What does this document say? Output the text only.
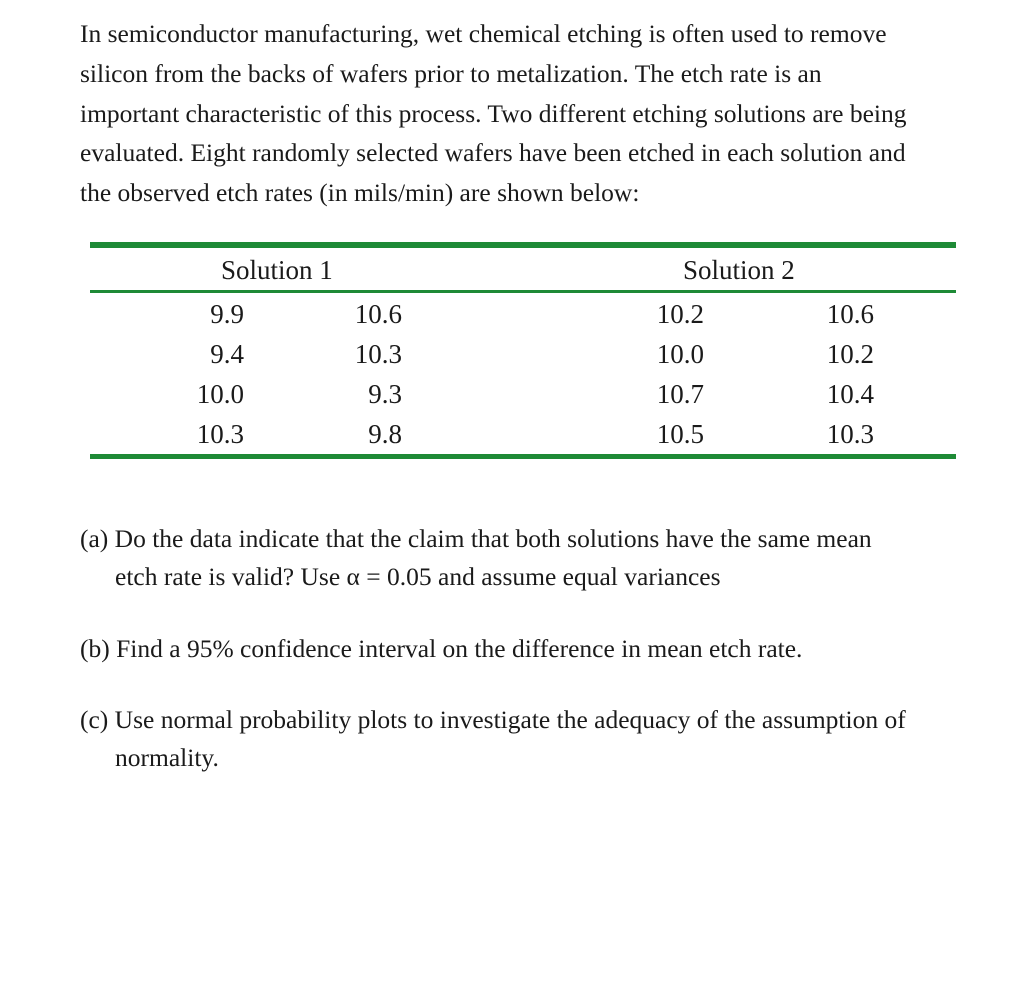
In semiconductor manufacturing, wet chemical etching is often used to remove
silicon from the backs of wafers prior to metalization. The etch rate is an
important characteristic of this process. Two different etching solutions are being
evaluated. Eight randomly selected wafers have been etched in each solution and
the observed etch rates (in mils/min) are shown below:
Solution 1	Solution 2
9.9	10.6	10.2	10.6
9.4	10.3	10.0	10.2
10.0	9.3	10.7	10.4
10.3	9.8	10.5	10.3
(a) Do the data indicate that the claim that both solutions have the same mean
etch rate is valid? Use α = 0.05 and assume equal variances
(b) Find a 95% confidence interval on the difference in mean etch rate.
(c) Use normal probability plots to investigate the adequacy of the assumption of
normality.
